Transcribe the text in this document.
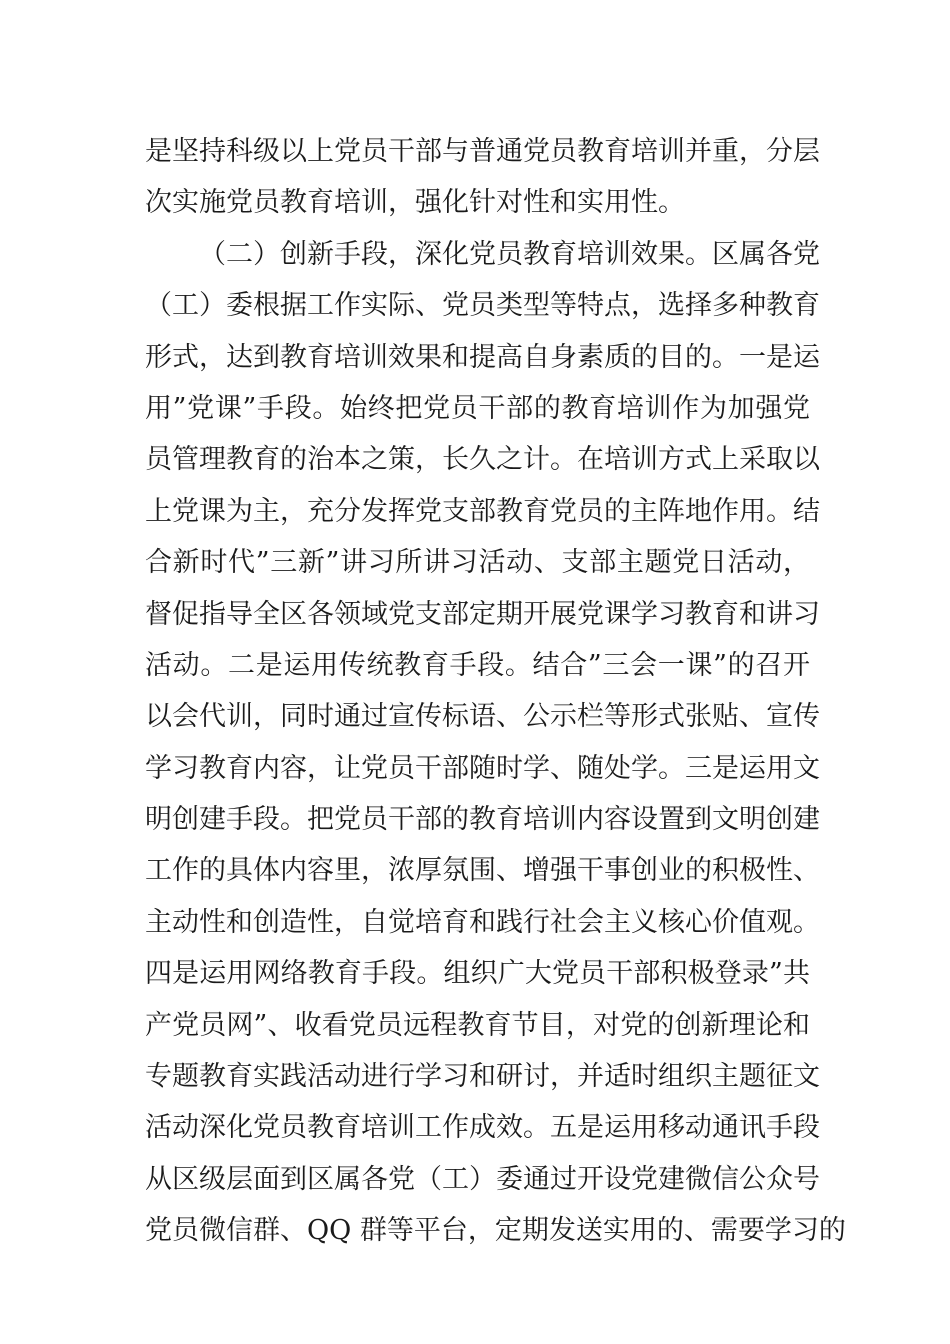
是坚持科级以上党员干部与普通党员教育培训并重，分层
次实施党员教育培训，强化针对性和实用性。
（二）创新手段，深化党员教育培训效果。区属各党
（工）委根据工作实际、党员类型等特点，选择多种教育
形式，达到教育培训效果和提高自身素质的目的。一是运
用”党课”手段。始终把党员干部的教育培训作为加强党
员管理教育的治本之策，长久之计。在培训方式上采取以
上党课为主，充分发挥党支部教育党员的主阵地作用。结
合新时代”三新”讲习所讲习活动、支部主题党日活动，
督促指导全区各领域党支部定期开展党课学习教育和讲习
活动。二是运用传统教育手段。结合”三会一课”的召开
以会代训，同时通过宣传标语、公示栏等形式张贴、宣传
学习教育内容，让党员干部随时学、随处学。三是运用文
明创建手段。把党员干部的教育培训内容设置到文明创建
工作的具体内容里，浓厚氛围、增强干事创业的积极性、
主动性和创造性，自觉培育和践行社会主义核心价值观。
四是运用网络教育手段。组织广大党员干部积极登录”共
产党员网”、收看党员远程教育节目，对党的创新理论和
专题教育实践活动进行学习和研讨，并适时组织主题征文
活动深化党员教育培训工作成效。五是运用移动通讯手段
从区级层面到区属各党（工）委通过开设党建微信公众号
党员微信群、QQ 群等平台，定期发送实用的、需要学习的
